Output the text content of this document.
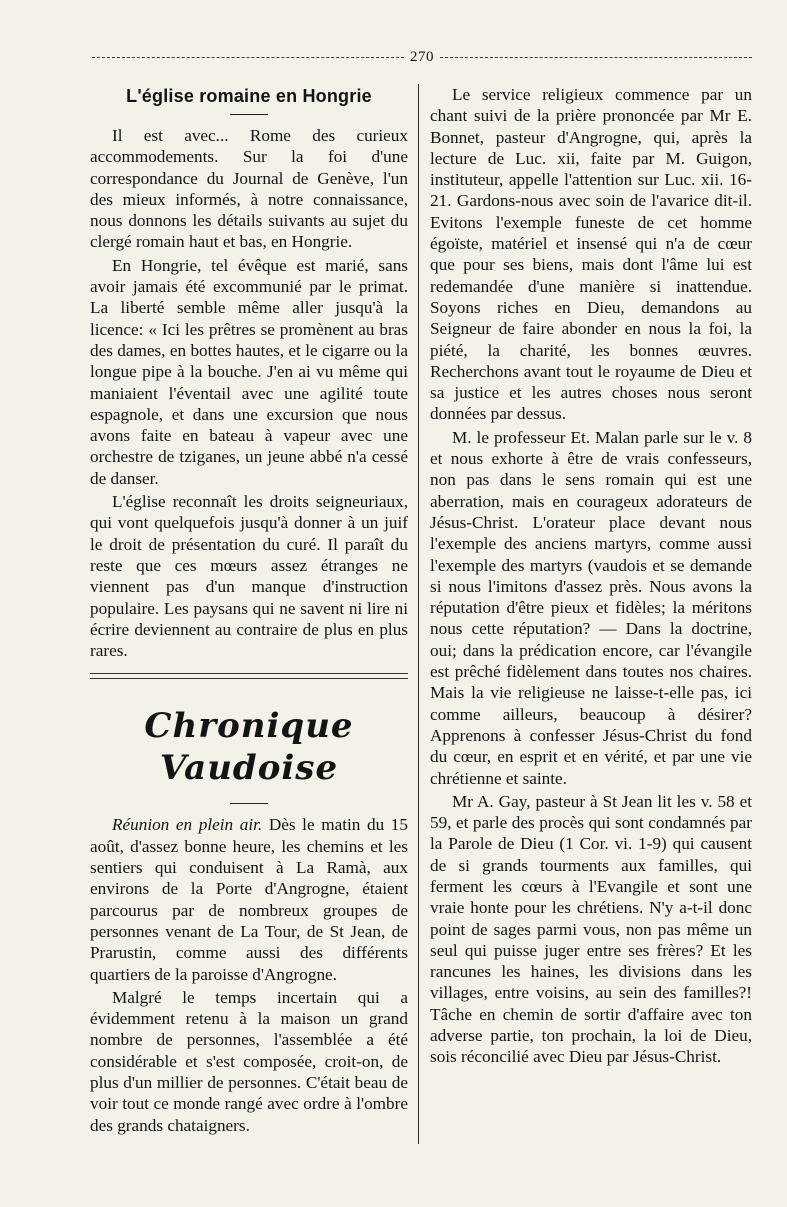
270
L'église romaine en Hongrie

Il est avec... Rome des curieux accommodements. Sur la foi d'une correspondance du Journal de Genève, l'un des mieux informés, à notre connaissance, nous donnons les détails suivants au sujet du clergé romain haut et bas, en Hongrie.

En Hongrie, tel évêque est marié, sans avoir jamais été excommunié par le primat. La liberté semble même aller jusqu'à la licence: « Ici les prêtres se promènent au bras des dames, en bottes hautes, et le cigarre ou la longue pipe à la bouche. J'en ai vu même qui maniaient l'éventail avec une agilité toute espagnole, et dans une excursion que nous avons faite en bateau à vapeur avec une orchestre de tziganes, un jeune abbé n'a cessé de danser.

L'église reconnaît les droits seigneuriaux, qui vont quelquefois jusqu'à donner à un juif le droit de présentation du curé. Il paraît du reste que ces mœurs assez étranges ne viennent pas d'un manque d'instruction populaire. Les paysans qui ne savent ni lire ni écrire deviennent au contraire de plus en plus rares.

Chronique Vaudoise

Réunion en plein air. Dès le matin du 15 août, d'assez bonne heure, les chemins et les sentiers qui conduisent à La Ramà, aux environs de la Porte d'Angrogne, étaient parcourus par de nombreux groupes de personnes venant de La Tour, de St Jean, de Prarustin, comme aussi des différents quartiers de la paroisse d'Angrogne.

Malgré le temps incertain qui a évidemment retenu à la maison un grand nombre de personnes, l'assemblée a été considérable et s'est composée, croit-on, de plus d'un millier de personnes. C'était beau de voir tout ce monde rangé avec ordre à l'ombre des grands chataigners.

Le service religieux commence par un chant suivi de la prière prononcée par Mr E. Bonnet, pasteur d'Angrogne, qui, après la lecture de Luc. xii, faite par M. Guigon, instituteur, appelle l'attention sur Luc. xii. 16-21. Gardons-nous avec soin de l'avarice dit-il. Evitons l'exemple funeste de cet homme égoïste, matériel et insensé qui n'a de cœur que pour ses biens, mais dont l'âme lui est redemandée d'une manière si inattendue. Soyons riches en Dieu, demandons au Seigneur de faire abonder en nous la foi, la piété, la charité, les bonnes œuvres. Recherchons avant tout le royaume de Dieu et sa justice et les autres choses nous seront données par dessus.

M. le professeur Et. Malan parle sur le v. 8 et nous exhorte à être de vrais confesseurs, non pas dans le sens romain qui est une aberration, mais en courageux adorateurs de Jésus-Christ. L'orateur place devant nous l'exemple des anciens martyrs, comme aussi l'exemple des martyrs (vaudois et se demande si nous l'imitons d'assez près. Nous avons la réputation d'être pieux et fidèles; la méritons nous cette réputation? — Dans la doctrine, oui; dans la prédication encore, car l'évangile est prêché fidèlement dans toutes nos chaires. Mais la vie religieuse ne laisse-t-elle pas, ici comme ailleurs, beaucoup à désirer? Apprenons à confesser Jésus-Christ du fond du cœur, en esprit et en vérité, et par une vie chrétienne et sainte.

Mr A. Gay, pasteur à St Jean lit les v. 58 et 59, et parle des procès qui sont condamnés par la Parole de Dieu (1 Cor. vi. 1-9) qui causent de si grands tourments aux familles, qui ferment les cœurs à l'Evangile et sont une vraie honte pour les chrétiens. N'y a-t-il donc point de sages parmi vous, non pas même un seul qui puisse juger entre ses frères? Et les rancunes les haines, les divisions dans les villages, entre voisins, au sein des familles?! Tâche en chemin de sortir d'affaire avec ton adverse partie, ton prochain, la loi de Dieu, sois réconcilié avec Dieu par Jésus-Christ.
